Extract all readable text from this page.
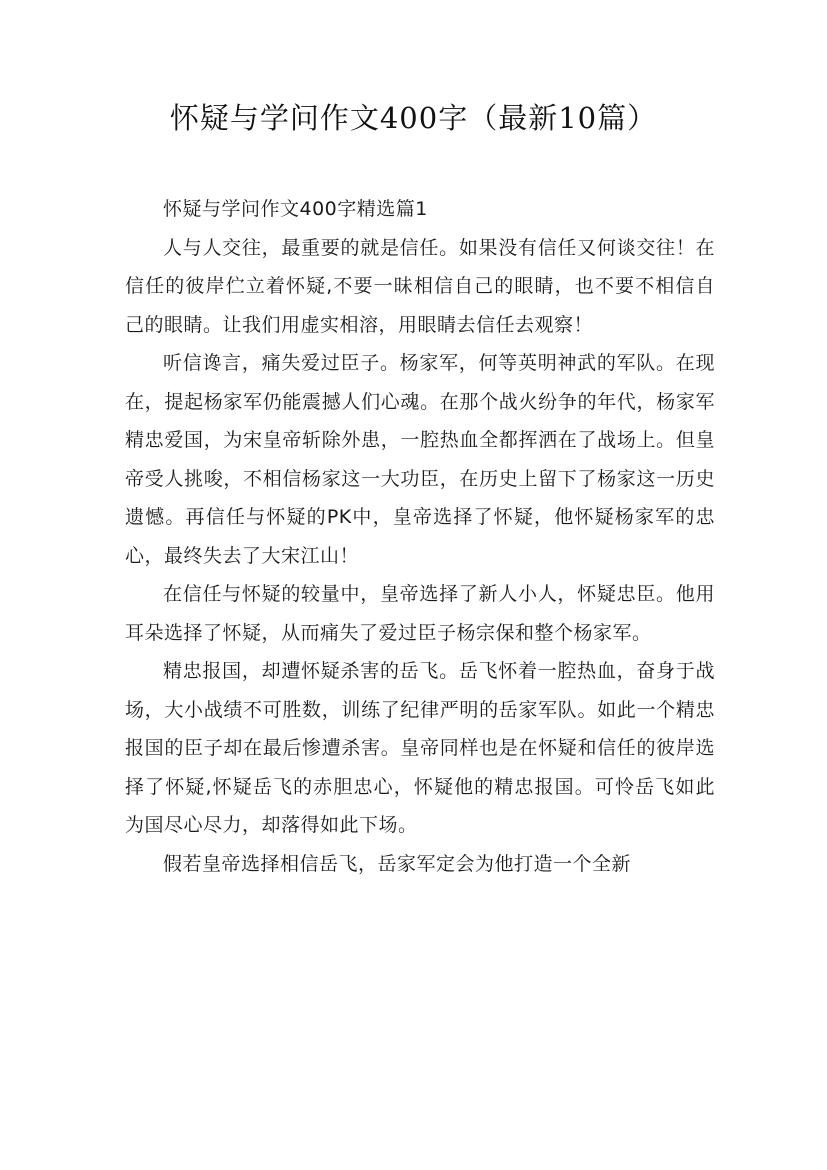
怀疑与学问作文400字（最新10篇）

怀疑与学问作文400字精选篇1

人与人交往，最重要的就是信任。如果没有信任又何谈交往！在信任的彼岸伫立着怀疑,不要一昧相信自己的眼睛，也不要不相信自己的眼睛。让我们用虚实相溶，用眼睛去信任去观察！

听信谗言，痛失爱过臣子。杨家军，何等英明神武的军队。在现在，提起杨家军仍能震撼人们心魂。在那个战火纷争的年代，杨家军精忠爱国，为宋皇帝斩除外患，一腔热血全都挥洒在了战场上。但皇帝受人挑唆，不相信杨家这一大功臣，在历史上留下了杨家这一历史遗憾。再信任与怀疑的PK中，皇帝选择了怀疑，他怀疑杨家军的忠心，最终失去了大宋江山！

在信任与怀疑的较量中，皇帝选择了新人小人，怀疑忠臣。他用耳朵选择了怀疑，从而痛失了爱过臣子杨宗保和整个杨家军。

精忠报国，却遭怀疑杀害的岳飞。岳飞怀着一腔热血，奋身于战场，大小战绩不可胜数，训练了纪律严明的岳家军队。如此一个精忠报国的臣子却在最后惨遭杀害。皇帝同样也是在怀疑和信任的彼岸选择了怀疑,怀疑岳飞的赤胆忠心，怀疑他的精忠报国。可怜岳飞如此为国尽心尽力，却落得如此下场。

假若皇帝选择相信岳飞，岳家军定会为他打造一个全新
